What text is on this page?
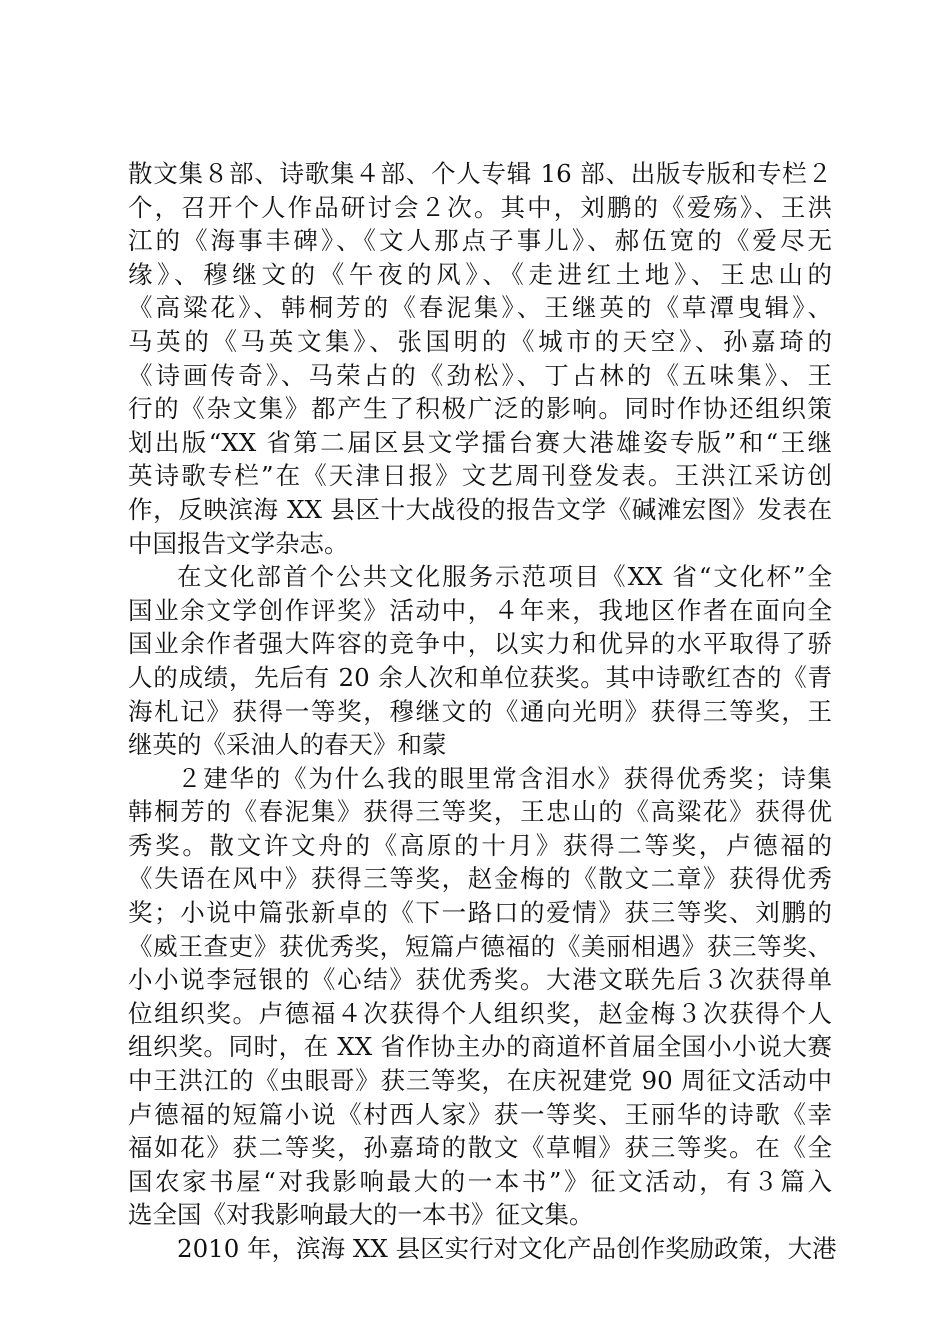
散文集８部、诗歌集４部、个人专辑 16 部、出版专版和专栏２
个，召开个人作品研讨会２次。其中，刘鹏的《爱殇》、王洪
江的《海事丰碑》、《文人那点子事儿》、郝伍宽的《爱尽无
缘》、穆继文的《午夜的风》、《走进红土地》、王忠山的
《高粱花》、韩桐芳的《春泥集》、王继英的《草潭曳辑》、
马英的《马英文集》、张国明的《城市的天空》、孙嘉琦的
《诗画传奇》、马荣占的《劲松》、丁占林的《五味集》、王
行的《杂文集》都产生了积极广泛的影响。同时作协还组织策
划出版“XX 省第二届区县文学擂台赛大港雄姿专版”和“王继
英诗歌专栏”在《天津日报》文艺周刊登发表。王洪江采访创
作，反映滨海 XX 县区十大战役的报告文学《碱滩宏图》发表在
中国报告文学杂志。
在文化部首个公共文化服务示范项目《XX 省“文化杯”全
国业余文学创作评奖》活动中，４年来，我地区作者在面向全
国业余作者强大阵容的竞争中，以实力和优异的水平取得了骄
人的成绩，先后有 20 余人次和单位获奖。其中诗歌红杏的《青
海札记》获得一等奖，穆继文的《通向光明》获得三等奖，王
继英的《采油人的春天》和蒙
２建华的《为什么我的眼里常含泪水》获得优秀奖；诗集
韩桐芳的《春泥集》获得三等奖，王忠山的《高粱花》获得优
秀奖。散文许文舟的《高原的十月》获得二等奖，卢德福的
《失语在风中》获得三等奖，赵金梅的《散文二章》获得优秀
奖；小说中篇张新卓的《下一路口的爱情》获三等奖、刘鹏的
《威王查吏》获优秀奖，短篇卢德福的《美丽相遇》获三等奖、
小小说李冠银的《心结》获优秀奖。大港文联先后３次获得单
位组织奖。卢德福４次获得个人组织奖，赵金梅３次获得个人
组织奖。同时，在 XX 省作协主办的商道杯首届全国小小说大赛
中王洪江的《虫眼哥》获三等奖，在庆祝建党 90 周征文活动中
卢德福的短篇小说《村西人家》获一等奖、王丽华的诗歌《幸
福如花》获二等奖，孙嘉琦的散文《草帽》获三等奖。在《全
国农家书屋“对我影响最大的一本书”》征文活动，有３篇入
选全国《对我影响最大的一本书》征文集。
2010 年，滨海 XX 县区实行对文化产品创作奖励政策，大港
